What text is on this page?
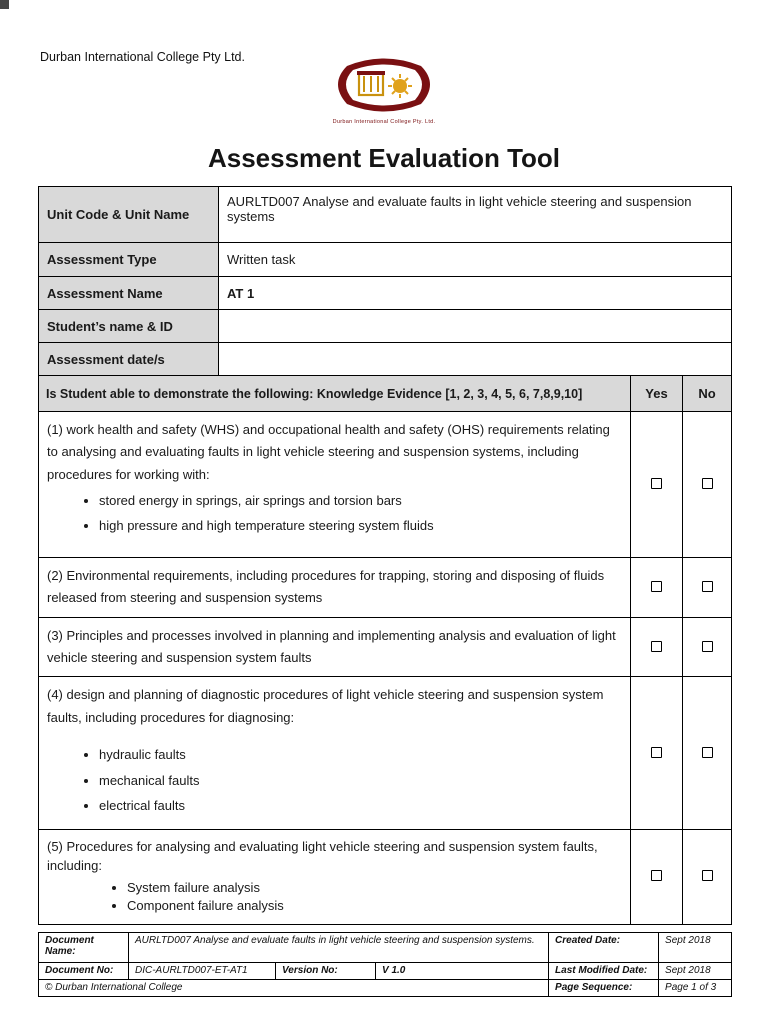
Durban International College Pty Ltd.
Durban International College Pty. Ltd.
Assessment Evaluation Tool
Unit Code & Unit Name	AURLTD007 Analyse and evaluate faults in light vehicle steering and suspension systems		
Assessment Type	Written task		
Assessment Name	AT 1		
Student’s name & ID			
Assessment date/s			
Is Student able to demonstrate the following: Knowledge Evidence [1, 2, 3, 4, 5, 6, 7,8,9,10]		Yes	No

(1) work health and safety (WHS) and occupational health and safety (OHS) requirements relating to analysing and evaluating faults in light vehicle steering and suspension systems, including procedures for working with:

• stored energy in springs, air springs and torsion bars
• high pressure and high temperature steering system fluids

(2) Environmental requirements, including procedures for trapping, storing and disposing of fluids released from steering and suspension systems			

(3) Principles and processes involved in planning and implementing analysis and evaluation of light vehicle steering and suspension system faults			

(4) design and planning of diagnostic procedures of light vehicle steering and suspension system faults, including procedures for diagnosing:

• hydraulic faults
• mechanical faults
• electrical faults

(5) Procedures for analysing and evaluating light vehicle steering and suspension system faults, including:

• System failure analysis
• Component failure analysis

Document Name:	AURLTD007 Analyse and evaluate faults in light vehicle steering and suspension systems.			Created Date:	Sept 2018
Document No:	DIC-AURLTD007-ET-AT1	Version No:	V 1.0	Last Modified Date:	Sept 2018
© Durban International College				Page Sequence:	Page 1 of 3
